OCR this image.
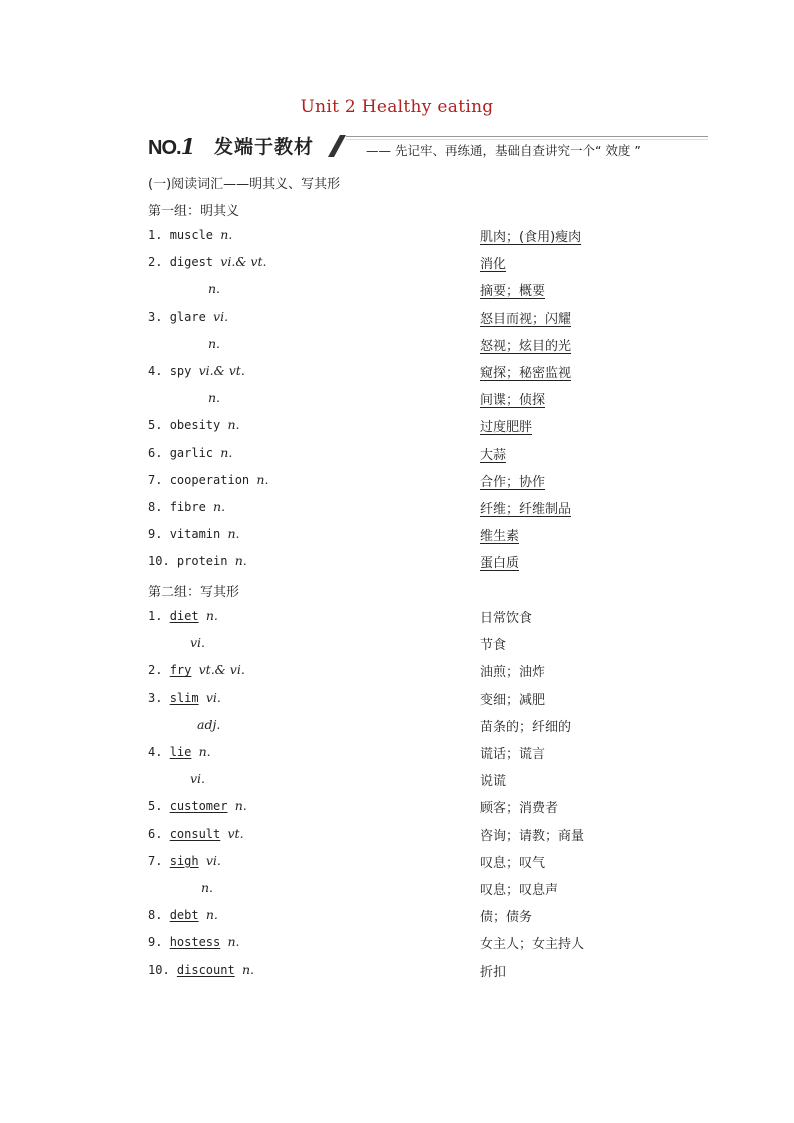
Unit 2 Healthy eating
NO.1 发端于教材	—— 先记牢、再练通，基础自查讲究一个“ 效度 ”
(一)阅读词汇——明其义、写其形
第一组：明其义
1. muscle n.	肌肉；(食用)瘦肉
2. digest vi.& vt.	消化
n.	摘要；概要
3. glare vi.	怒目而视；闪耀
n.	怒视；炫目的光
4. spy vi.& vt.	窥探；秘密监视
n.	间谍；侦探
5. obesity n.	过度肥胖
6. garlic n.	大蒜
7. cooperation n.	合作；协作
8. fibre n.	纤维；纤维制品
9. vitamin n.	维生素
10. protein n.	蛋白质
第二组：写其形
1. diet n.	日常饮食
vi.	节食
2. fry vt.& vi.	油煎；油炸
3. slim vi.	变细；减肥
adj.	苗条的；纤细的
4. lie n.	谎话；谎言
vi.	说谎
5. customer n.	顾客；消费者
6. consult vt.	咨询；请教；商量
7. sigh vi.	叹息；叹气
n.	叹息；叹息声
8. debt n.	债；债务
9. hostess n.	女主人；女主持人
10. discount n.	折扣
